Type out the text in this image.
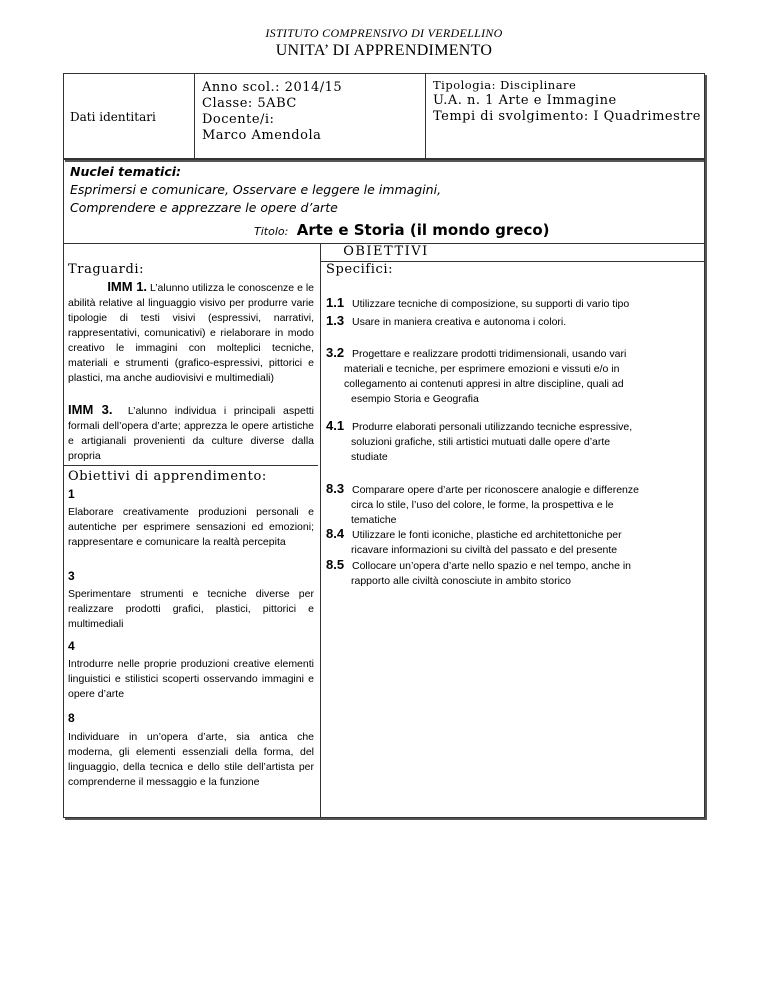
ISTITUTO COMPRENSIVO DI VERDELLINO
UNITA’ DI APPRENDIMENTO
Dati identitari
Anno scol.: 2014/15
Classe: 5ABC
Docente/i:
Marco Amendola
Tipologia: Disciplinare
U.A. n. 1 Arte e Immagine
Tempi di svolgimento: I Quadrimestre
Nuclei tematici:
Esprimersi e comunicare, Osservare e leggere le immagini,
Comprendere e apprezzare le opere d’arte
Titolo: Arte e Storia (il mondo greco)
OBIETTIVI
Traguardi:
IMM 1. L’alunno utilizza le conoscenze e le
abilità relative al linguaggio visivo per produrre varie tipologie di testi visivi (espressivi, narrativi, rappresentativi, comunicativi) e rielaborare in modo creativo le immagini con molteplici tecniche, materiali e strumenti (grafico-espressivi, pittorici e plastici, ma anche audiovisivi e multimediali)
IMM 3. L’alunno individua i principali aspetti formali dell’opera d’arte; apprezza le opere artistiche e artigianali provenienti da culture diverse dalla propria
Specifici:
1.1 Utilizzare tecniche di composizione, su supporti di vario tipo
1.3 Usare in maniera creativa e autonoma i colori.
3.2 Progettare e realizzare prodotti tridimensionali, usando vari
materiali e tecniche, per esprimere emozioni e vissuti e/o in
collegamento ai contenuti appresi in altre discipline, quali ad
esempio Storia e Geografia
4.1 Produrre elaborati personali utilizzando tecniche espressive,
soluzioni grafiche, stili artistici mutuati dalle opere d’arte
studiate
8.3 Comparare opere d’arte per riconoscere analogie e differenze
circa lo stile, l’uso del colore, le forme, la prospettiva e le
tematiche
8.4 Utilizzare le fonti iconiche, plastiche ed architettoniche per
ricavare informazioni su civiltà del passato e del presente
8.5 Collocare un’opera d’arte nello spazio e nel tempo, anche in
rapporto alle civiltà conosciute in ambito storico
Obiettivi di apprendimento:
1
Elaborare creativamente produzioni personali e autentiche per esprimere sensazioni ed emozioni; rappresentare e comunicare la realtà percepita
3
Sperimentare strumenti e tecniche diverse per realizzare prodotti grafici, plastici, pittorici e multimediali
4
Introdurre nelle proprie produzioni creative elementi linguistici e stilistici scoperti osservando immagini e opere d’arte
8
Individuare in un’opera d’arte, sia antica che moderna, gli elementi essenziali della forma, del linguaggio, della tecnica e dello stile dell’artista per comprenderne il messaggio e la funzione
